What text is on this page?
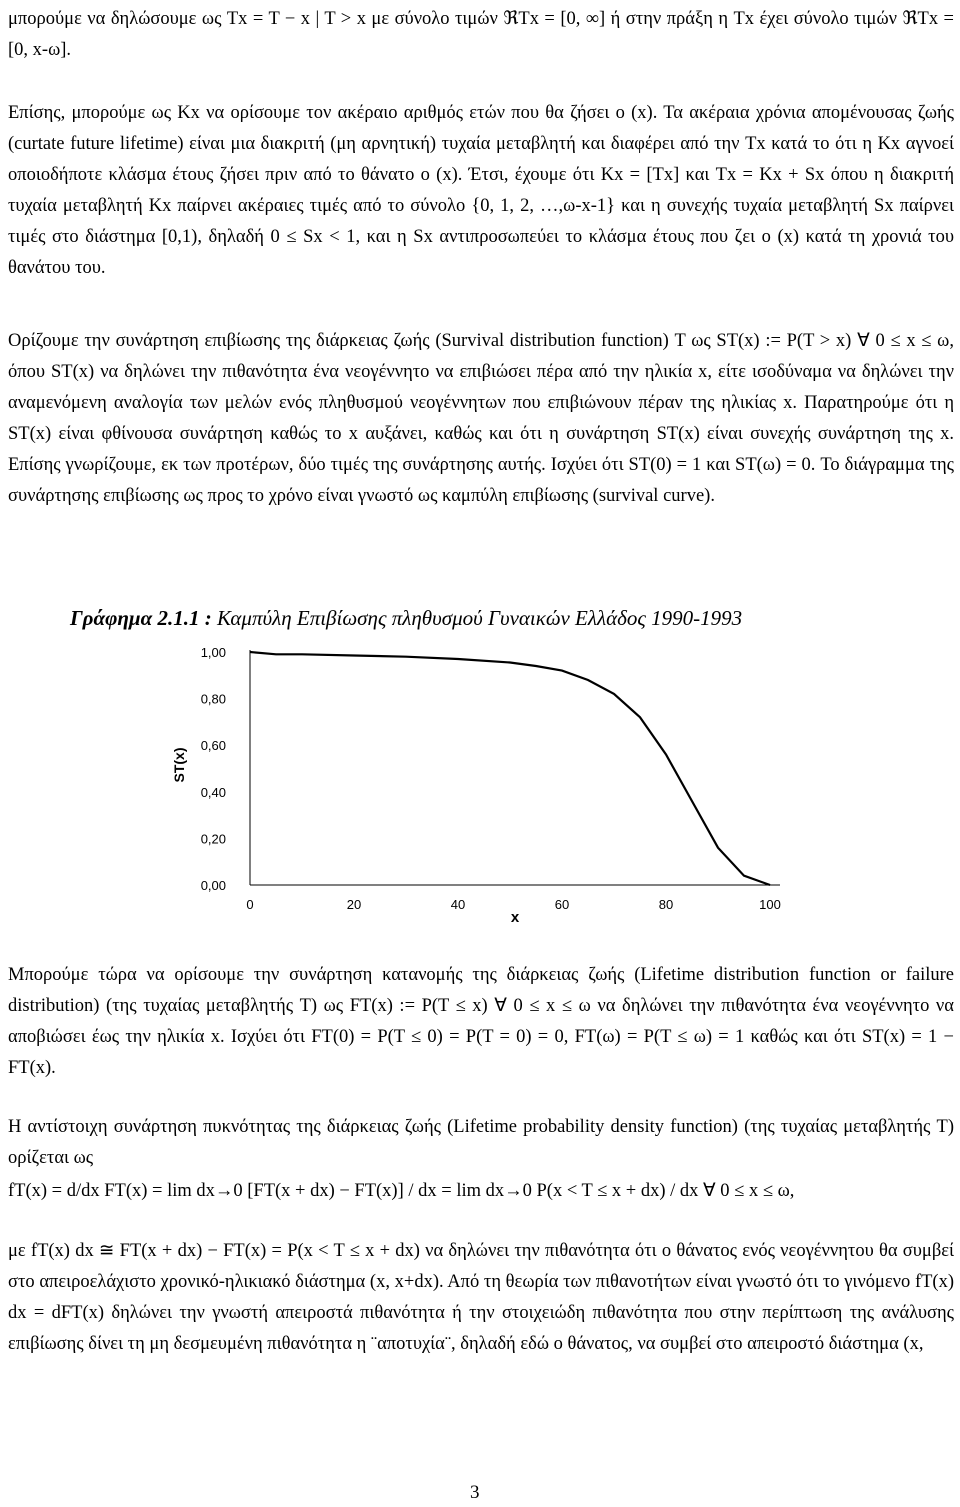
μπορούμε να δηλώσουμε ως Tx = T − x | T > x με σύνολο τιμών ℜTx = [0, ∞] ή στην πράξη η Tx έχει σύνολο τιμών ℜTx = [0, x-ω].

Επίσης, μπορούμε ως Kx να ορίσουμε τον ακέραιο αριθμός ετών που θα ζήσει ο (x). Τα ακέραια χρόνια απομένουσας ζωής (curtate future lifetime) είναι μια διακριτή (μη αρνητική) τυχαία μεταβλητή και διαφέρει από την Tx κατά το ότι η Kx αγνοεί οποιοδήποτε κλάσμα έτους ζήσει πριν από το θάνατο ο (x). Έτσι, έχουμε ότι Kx = [Tx] και Tx = Kx + Sx όπου η διακριτή τυχαία μεταβλητή Kx παίρνει ακέραιες τιμές από το σύνολο {0, 1, 2, …,ω-x-1} και η συνεχής τυχαία μεταβλητή Sx παίρνει τιμές στο διάστημα [0,1), δηλαδή 0 ≤ Sx < 1, και η Sx αντιπροσωπεύει το κλάσμα έτους που ζει ο (x) κατά τη χρονιά του θανάτου του.

Ορίζουμε την συνάρτηση επιβίωσης της διάρκειας ζωής (Survival distribution function) T ως ST(x) := P(T > x) ∀ 0 ≤ x ≤ ω, όπου ST(x) να δηλώνει την πιθανότητα ένα νεογέννητο να επιβιώσει πέρα από την ηλικία x, είτε ισοδύναμα να δηλώνει την αναμενόμενη αναλογία των μελών ενός πληθυσμού νεογέννητων που επιβιώνουν πέραν της ηλικίας x. Παρατηρούμε ότι η ST(x) είναι φθίνουσα συνάρτηση καθώς το x αυξάνει, καθώς και ότι η συνάρτηση ST(x) είναι συνεχής συνάρτηση της x. Επίσης γνωρίζουμε, εκ των προτέρων, δύο τιμές της συνάρτησης αυτής. Ισχύει ότι ST(0) = 1 και ST(ω) = 0. Το διάγραμμα της συνάρτησης επιβίωσης ως προς το χρόνο είναι γνωστό ως καμπύλη επιβίωσης (survival curve).

Γράφημα 2.1.1 : Καμπύλη Επιβίωσης πληθυσμού Γυναικών Ελλάδος 1990-1993
ST(x)
x
0,00
0,20
0,40
0,60
0,80
1,00
0	20	40	60	80	100

Μπορούμε τώρα να ορίσουμε την συνάρτηση κατανομής της διάρκειας ζωής (Lifetime distribution function or failure distribution) (της τυχαίας μεταβλητής T) ως FT(x) := P(T ≤ x) ∀ 0 ≤ x ≤ ω να δηλώνει την πιθανότητα ένα νεογέννητο να αποβιώσει έως την ηλικία x. Ισχύει ότι FT(0) = P(T ≤ 0) = P(T = 0) = 0, FT(ω) = P(T ≤ ω) = 1 καθώς και ότι ST(x) = 1 − FT(x).

Η αντίστοιχη συνάρτηση πυκνότητας της διάρκειας ζωής (Lifetime probability density function) (της τυχαίας μεταβλητής T) ορίζεται ως

fT(x) = d/dx FT(x) = lim dx→0 [FT(x + dx) − FT(x)] / dx = lim dx→0 P(x < T ≤ x + dx) / dx ∀ 0 ≤ x ≤ ω,

με fT(x) dx ≅ FT(x + dx) − FT(x) = P(x < T ≤ x + dx) να δηλώνει την πιθανότητα ότι ο θάνατος ενός νεογέννητου θα συμβεί στο απειροελάχιστο χρονικό-ηλικιακό διάστημα (x, x+dx). Από τη θεωρία των πιθανοτήτων είναι γνωστό ότι το γινόμενο fT(x) dx = dFT(x) δηλώνει την γνωστή απειροστά πιθανότητα ή την στοιχειώδη πιθανότητα που στην περίπτωση της ανάλυσης επιβίωσης δίνει τη μη δεσμευμένη πιθανότητα η ¨αποτυχία¨, δηλαδή εδώ ο θάνατος, να συμβεί στο απειροστό διάστημα (x,

3
